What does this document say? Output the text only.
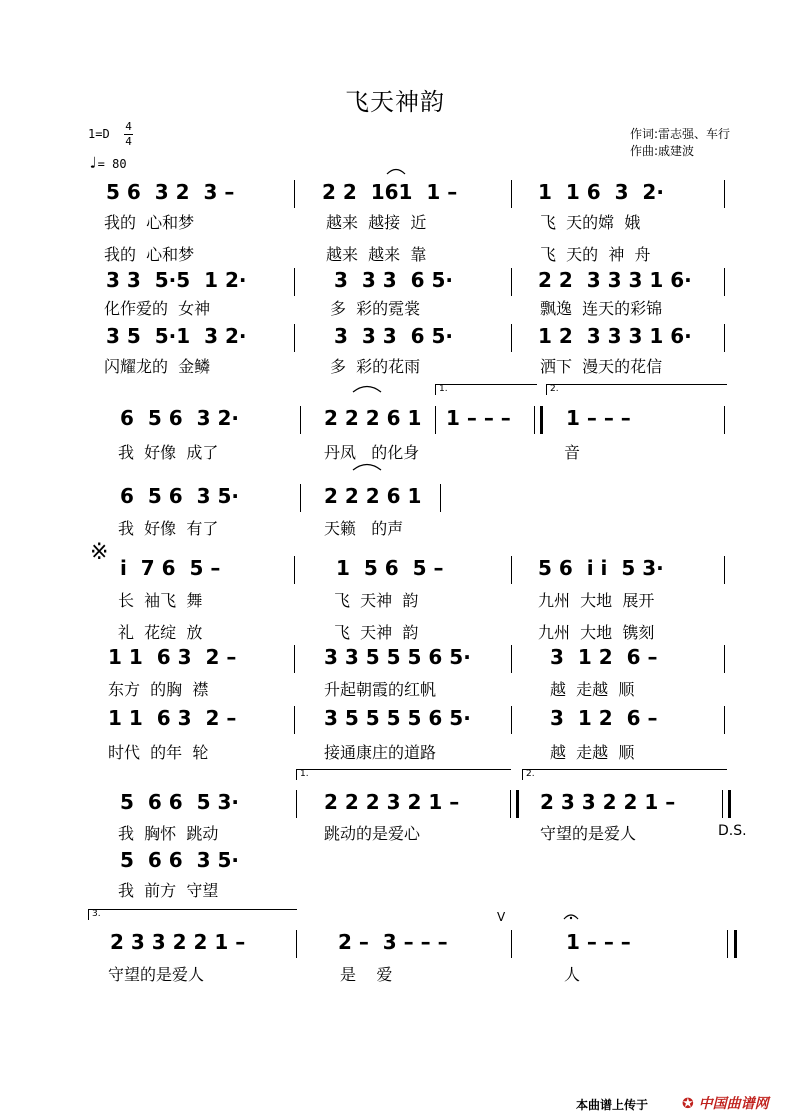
飞天神韵
1=D
4
4
♩= 80
作词:雷志强、车行
作曲:戚建波
5 6  3 2  3 –	2 2  161  1 –	1  1 6  3  2·
我的  心和梦	越来  越接  近	飞  天的嫦  娥
我的  心和梦	越来  越来  靠	飞  天的  神  舟
3 3  5·5  1 2·	3  3 3  6 5·	2 2  3 3 3 1 6·
化作爱的  女神	多  彩的霓裳	飘逸  连天的彩锦
3 5  5·1  3 2·	3  3 3  6 5·	1 2  3 3 3 1 6·
闪耀龙的  金鳞	多  彩的花雨	洒下  漫天的花信
1.	2.
6  5 6  3 2·	2 2 2 6 1 1 – – –	1 – – –
我  好像  成了	丹凤   的化身	音
6  5 6  3 5·	2 2 2 6 1
我  好像  有了	天籁   的声
※
i  7 6  5 –	1  5 6  5 –	5 6  i i  5 3·
长  袖飞  舞	飞  天神  韵	九州  大地  展开
礼  花绽  放	飞  天神  韵	九州  大地  镌刻
1 1  6 3  2 –	3 3 5 5 5 6 5·	3  1 2  6 –
东方  的胸  襟	升起朝霞的红帆	越  走越  顺
1 1  6 3  2 –	3 5 5 5 5 6 5·	3  1 2  6 –
时代  的年  轮	接通康庄的道路	越  走越  顺
1.	2.
5  6 6  5 3·	2 2 2 3 2 1 –	2 3 3 2 2 1 –
我  胸怀  跳动	跳动的是爱心	守望的是爱人	D.S.
5  6 6  3 5·
我  前方  守望
3.	V
2 3 3 2 2 1 –	2 –  3 – – –	1 – – –
守望的是爱人	是    爱	人
本曲谱上传于 ✪ 中国曲谱网
